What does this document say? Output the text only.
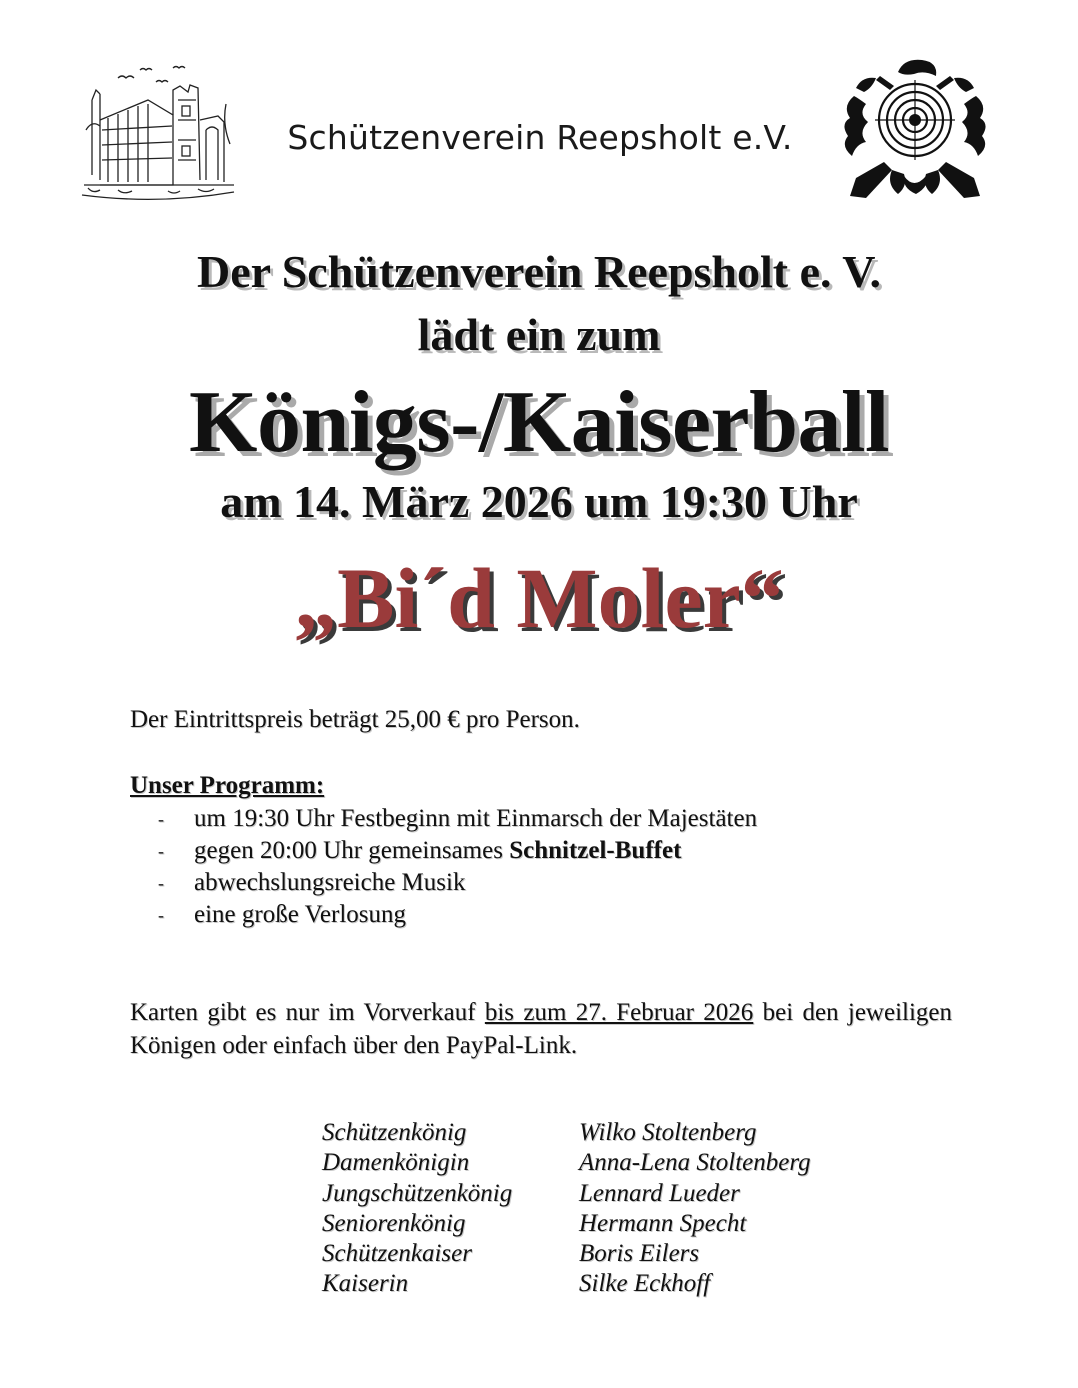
Schützenverein Reepsholt e.V.
Der Schützenverein Reepsholt e. V.
lädt ein zum
Königs-/Kaiserball
am 14. März 2026 um 19:30 Uhr
„Bi´d Moler“
Der Eintrittspreis beträgt 25,00 € pro Person.
Unser Programm:
- um 19:30 Uhr Festbeginn mit Einmarsch der Majestäten
- gegen 20:00 Uhr gemeinsames Schnitzel-Buffet
- abwechslungsreiche Musik
- eine große Verlosung
Karten gibt es nur im Vorverkauf bis zum 27. Februar 2026 bei den jeweiligen Königen oder einfach über den PayPal-Link.
Schützenkönig	Wilko Stoltenberg
Damenkönigin	Anna-Lena Stoltenberg
Jungschützenkönig	Lennard Lueder
Seniorenkönig	Hermann Specht
Schützenkaiser	Boris Eilers
Kaiserin	Silke Eckhoff
